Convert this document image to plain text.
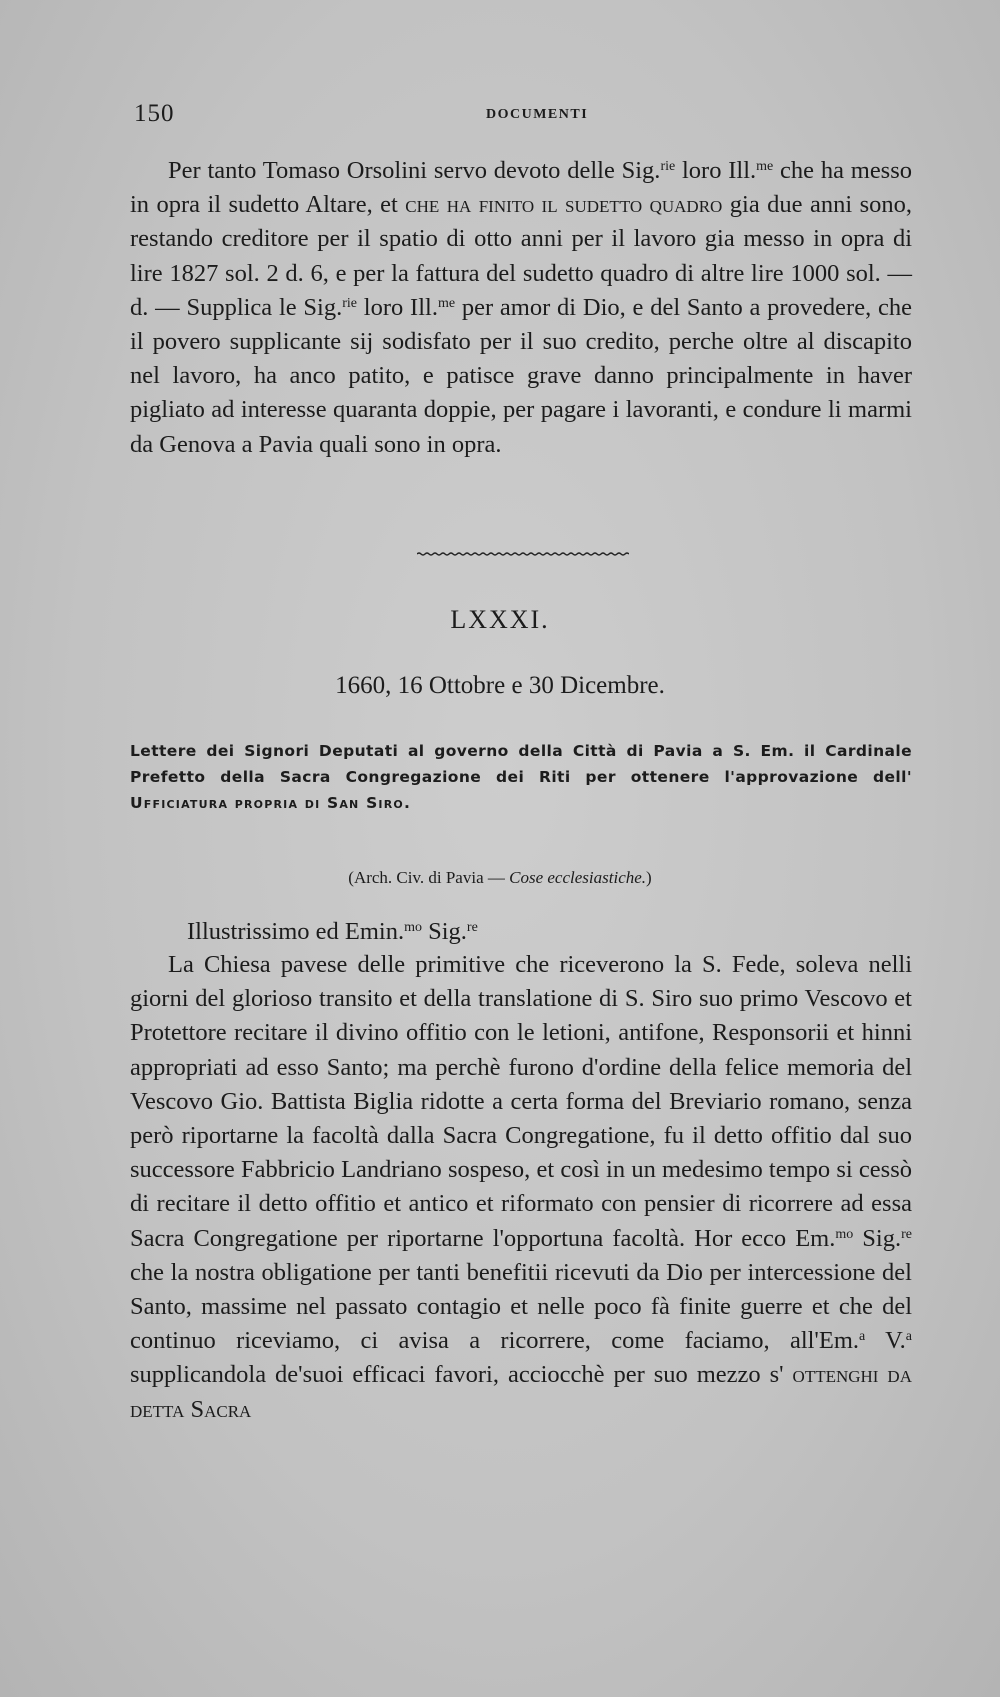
150	DOCUMENTI

Per tanto Tomaso Orsolini servo devoto delle Sig.$^{rie}$ loro Ill.$^{me}$ che ha messo in opra il sudetto Altare, et che ha finito il sudetto quadro gia due anni sono, restando creditore per il spatio di otto anni per il lavoro gia messo in opra di lire 1827 sol. 2 d. 6, e per la fattura del sudetto quadro di altre lire 1000 sol. — d. — Supplica le Sig.$^{rie}$ loro Ill.$^{me}$ per amor di Dio, e del Santo a provedere, che il povero supplicante sij sodisfato per il suo credito, perche oltre al discapito nel lavoro, ha anco patito, e patisce grave danno principalmente in haver pigliato ad interesse quaranta doppie, per pagare i lavoranti, e condure li marmi da Genova a Pavia quali sono in opra.

LXXXI.
1660, 16 Ottobre e 30 Dicembre.
Lettere dei Signori Deputati al governo della Città di Pavia a S. Em. il Cardinale Prefetto della Sacra Congregazione dei Riti per ottenere l'approvazione dell' Ufficiatura propria di San Siro.
(Arch. Civ. di Pavia — Cose ecclesiastiche.)
Illustrissimo ed Emin.$^{mo}$ Sig.$^{re}$

La Chiesa pavese delle primitive che riceverono la S. Fede, soleva nelli giorni del glorioso transito et della translatione di S. Siro suo primo Vescovo et Protettore recitare il divino offitio con le letioni, antifone, Responsorii et hinni appropriati ad esso Santo; ma perchè furono d'ordine della felice memoria del Vescovo Gio. Battista Biglia ridotte a certa forma del Breviario romano, senza però riportarne la facoltà dalla Sacra Congregatione, fu il detto offitio dal suo successore Fabbricio Landriano sospeso, et così in un medesimo tempo si cessò di recitare il detto offitio et antico et riformato con pensier di ricorrere ad essa Sacra Congregatione per riportarne l'opportuna facoltà. Hor ecco Em.$^{mo}$ Sig.$^{re}$ che la nostra obligatione per tanti benefitii ricevuti da Dio per intercessione del Santo, massime nel passato contagio et nelle poco fà finite guerre et che del continuo riceviamo, ci avisa a ricorrere, come faciamo, all'Em.$^a$ V.$^a$ supplicandola de'suoi efficaci favori, acciocchè per suo mezzo s' ottenghi da detta Sacra
